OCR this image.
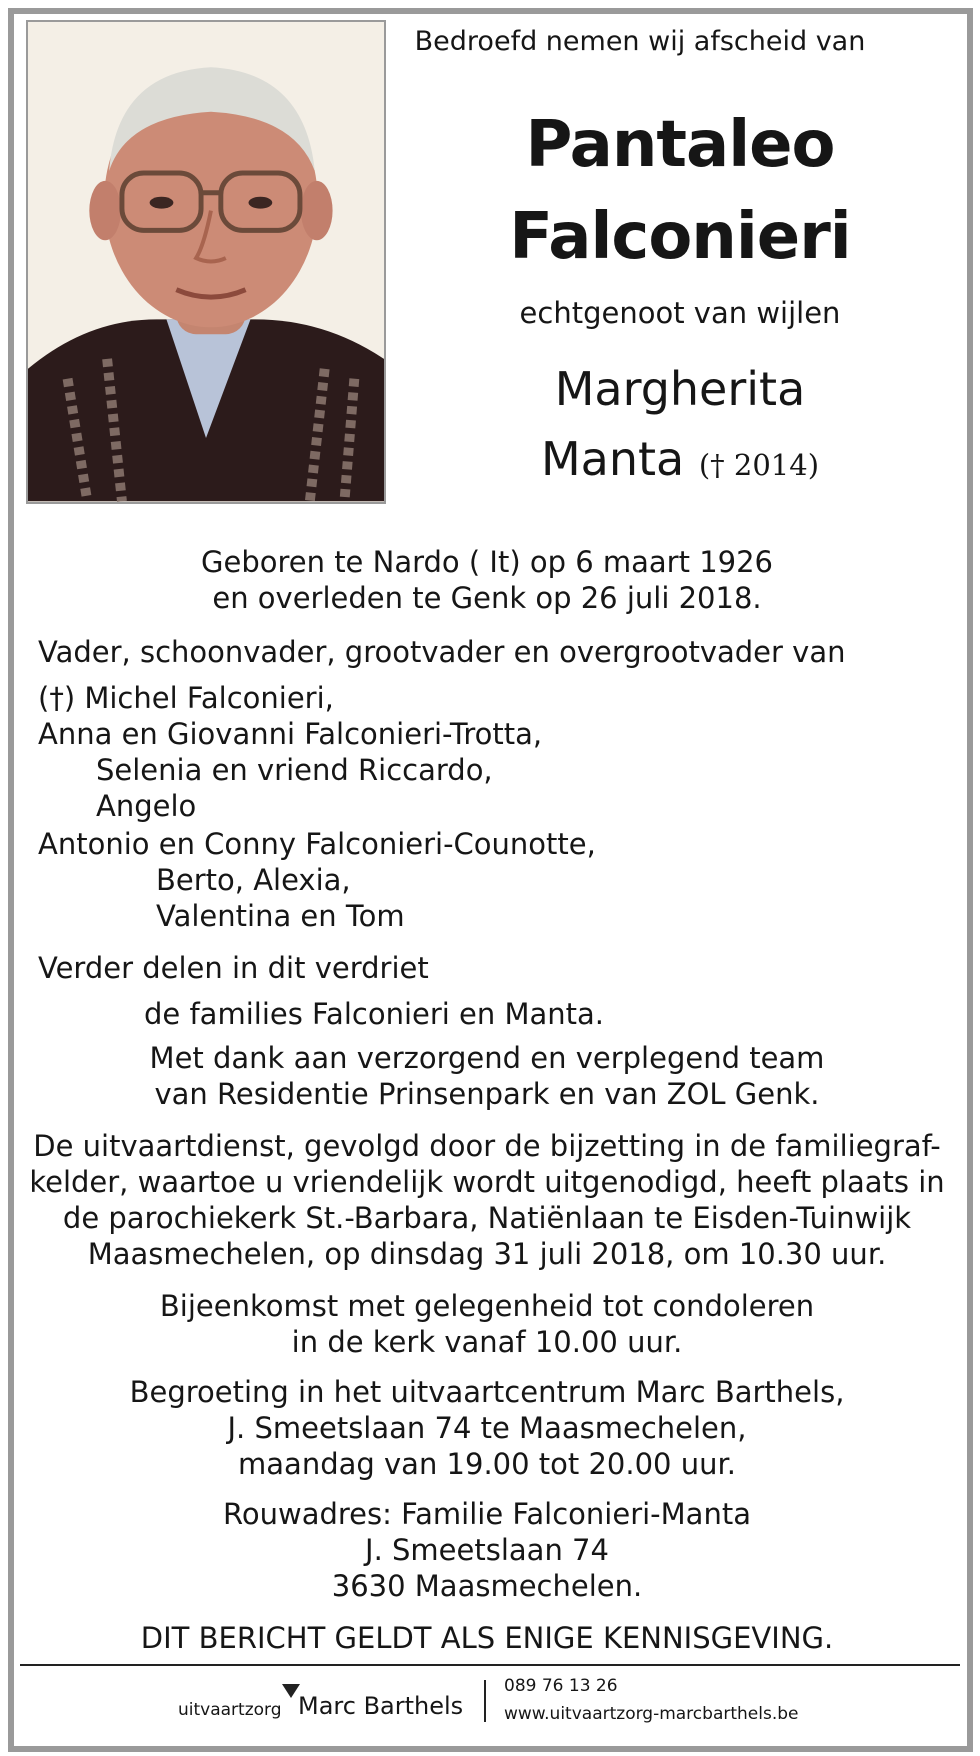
Bedroefd nemen wij afscheid van
Pantaleo
Falconieri
echtgenoot van wijlen
Margherita
Manta († 2014)
Geboren te Nardo ( It) op 6 maart 1926
en overleden te Genk op 26 juli 2018.
Vader, schoonvader, grootvader en overgrootvader van
(†) Michel Falconieri,
Anna en Giovanni Falconieri-Trotta,
Selenia en vriend Riccardo,
Angelo
Antonio en Conny Falconieri-Counotte,
Berto, Alexia,
Valentina en Tom
Verder delen in dit verdriet
de families Falconieri en Manta.
Met dank aan verzorgend en verplegend team
van Residentie Prinsenpark en van ZOL Genk.
De uitvaartdienst, gevolgd door de bijzetting in de familiegraf-
kelder, waartoe u vriendelijk wordt uitgenodigd, heeft plaats in
de parochiekerk St.-Barbara, Natiënlaan te Eisden-Tuinwijk
Maasmechelen, op dinsdag 31 juli 2018, om 10.30 uur.
Bijeenkomst met gelegenheid tot condoleren
in de kerk vanaf 10.00 uur.
Begroeting in het uitvaartcentrum Marc Barthels,
J. Smeetslaan 74 te Maasmechelen,
maandag van 19.00 tot 20.00 uur.
Rouwadres: Familie Falconieri-Manta
J. Smeetslaan 74
3630 Maasmechelen.
DIT BERICHT GELDT ALS ENIGE KENNISGEVING.
uitvaartzorg Marc Barthels
089 76 13 26
www.uitvaartzorg-marcbarthels.be
